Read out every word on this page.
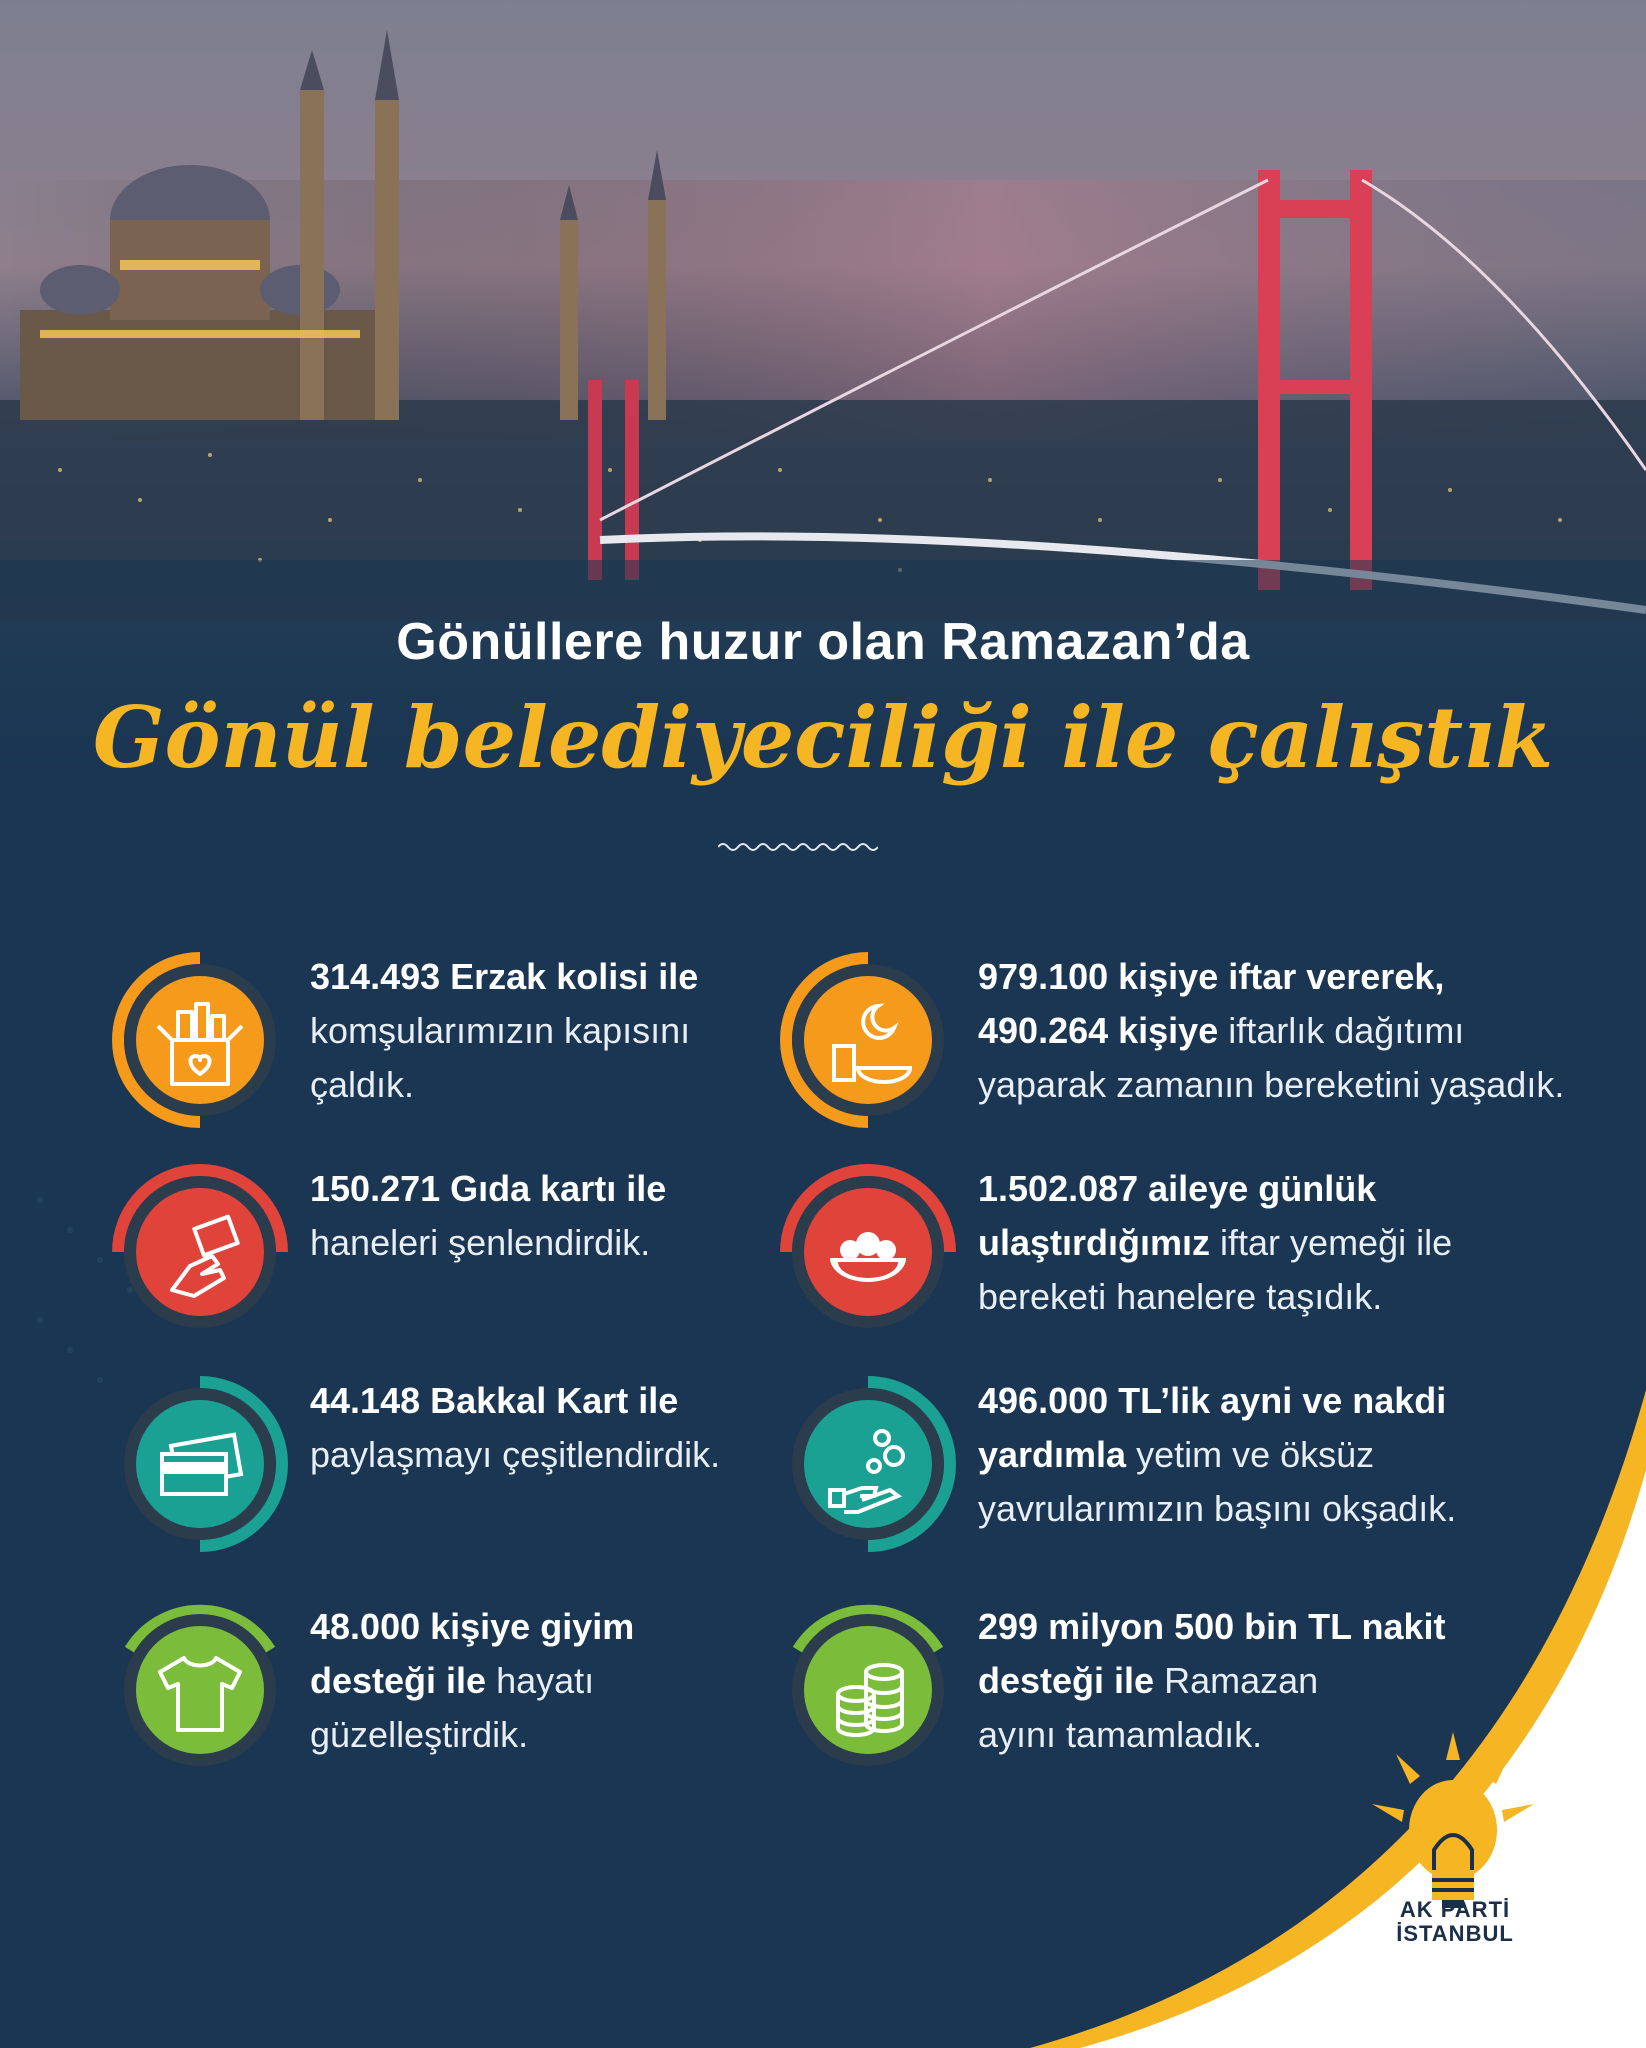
Gönüllere huzur olan Ramazan’da
Gönül belediyeciliği ile çalıştık
314.493 Erzak kolisi ile
komşularımızın kapısını
çaldık.
979.100 kişiye iftar vererek,
490.264 kişiye iftarlık dağıtımı
yaparak zamanın bereketini yaşadık.
150.271 Gıda kartı ile
haneleri şenlendirdik.
1.502.087 aileye günlük
ulaştırdığımız iftar yemeği ile
bereketi hanelere taşıdık.
44.148 Bakkal Kart ile
paylaşmayı çeşitlendirdik.
496.000 TL’lik ayni ve nakdi
yardımla yetim ve öksüz
yavrularımızın başını okşadık.
48.000 kişiye giyim
desteği ile hayatı
güzelleştirdik.
299 milyon 500 bin TL nakit
desteği ile Ramazan
ayını tamamladık.
AK PARTİ
İSTANBUL
